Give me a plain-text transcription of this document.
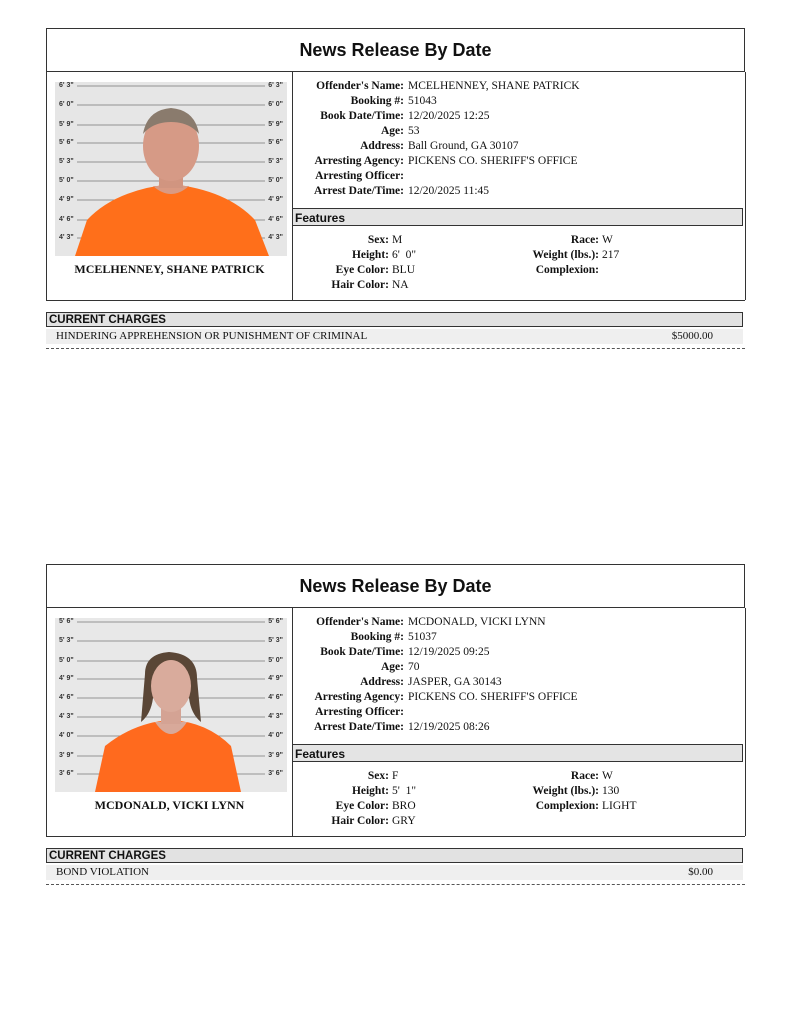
News Release By Date
6' 3"
6' 0"
5' 9"
5' 6"
5' 3"
5' 0"
4' 9"
4' 6"
4' 3"
6' 3"
6' 0"
5' 9"
5' 6"
5' 3"
5' 0"
4' 9"
4' 6"
4' 3"
MCELHENNEY, SHANE PATRICK
Offender's Name: MCELHENNEY, SHANE PATRICK
Booking #: 51043
Book Date/Time: 12/20/2025 12:25
Age: 53
Address: Ball Ground, GA 30107
Arresting Agency: PICKENS CO. SHERIFF'S OFFICE
Arresting Officer:
Arrest Date/Time: 12/20/2025 11:45
Features
Sex: M	Race: W
Height: 6'  0"	Weight (lbs.): 217
Eye Color: BLU	Complexion:
Hair Color: NA
CURRENT CHARGES
HINDERING APPREHENSION OR PUNISHMENT OF CRIMINAL	$5000.00
News Release By Date
5' 6"
5' 3"
5' 0"
4' 9"
4' 6"
4' 3"
4' 0"
3' 9"
3' 6"
5' 6"
5' 3"
5' 0"
4' 9"
4' 6"
4' 3"
4' 0"
3' 9"
3' 6"
MCDONALD, VICKI LYNN
Offender's Name: MCDONALD, VICKI LYNN
Booking #: 51037
Book Date/Time: 12/19/2025 09:25
Age: 70
Address: JASPER, GA 30143
Arresting Agency: PICKENS CO. SHERIFF'S OFFICE
Arresting Officer:
Arrest Date/Time: 12/19/2025 08:26
Features
Sex: F	Race: W
Height: 5'  1"	Weight (lbs.): 130
Eye Color: BRO	Complexion: LIGHT
Hair Color: GRY
CURRENT CHARGES
BOND VIOLATION	$0.00
